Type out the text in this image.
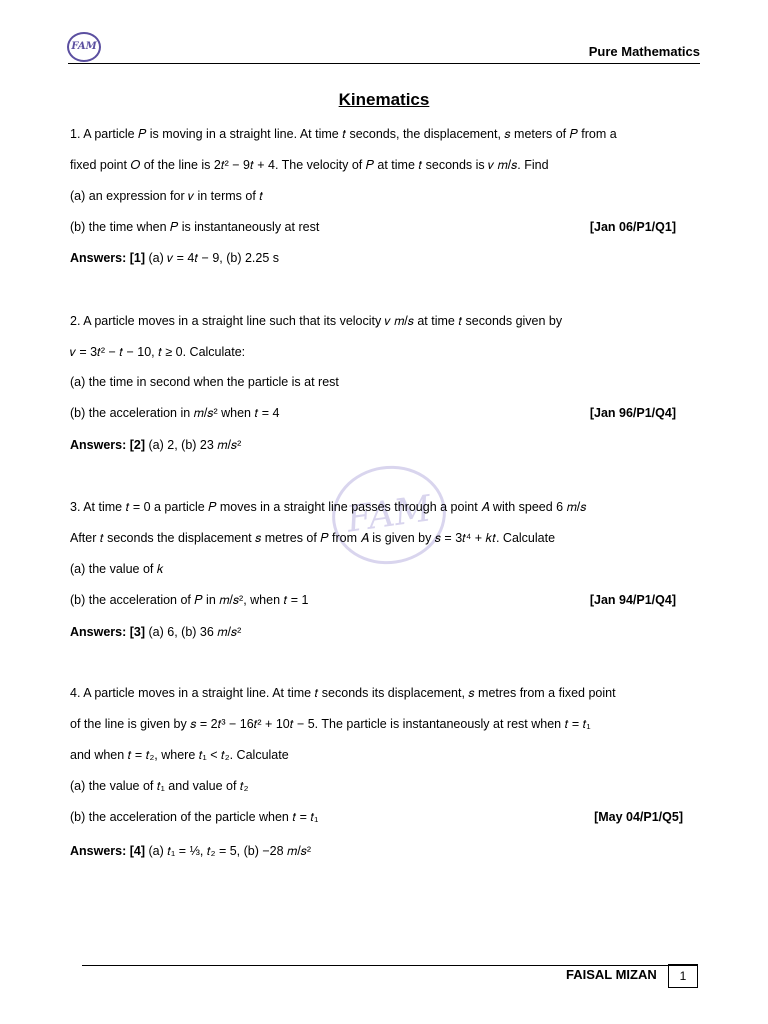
FAM	Pure Mathematics
Kinematics
FAM
1. A particle 𝑃 is moving in a straight line. At time 𝑡 seconds, the displacement, 𝑠 meters of 𝑃 from a
fixed point 𝑂 of the line is 2𝑡² − 9𝑡 + 4. The velocity of 𝑃 at time 𝑡 seconds is 𝑣 𝑚/𝑠. Find
(a) an expression for 𝑣 in terms of 𝑡
(b) the time when 𝑃 is instantaneously at rest	[Jan 06/P1/Q1]
Answers: [1] (a) 𝑣 = 4𝑡 − 9, (b) 2.25 s
2. A particle moves in a straight line such that its velocity 𝑣 𝑚/𝑠 at time 𝑡 seconds given by
𝑣 = 3𝑡² − 𝑡 − 10, 𝑡 ≥ 0. Calculate:
(a) the time in second when the particle is at rest
(b) the acceleration in 𝑚/𝑠² when 𝑡 = 4	[Jan 96/P1/Q4]
Answers: [2] (a) 2, (b) 23 𝑚/𝑠²
3. At time 𝑡 = 0 a particle 𝑃 moves in a straight line passes through a point 𝐴 with speed 6 𝑚/𝑠
After 𝑡 seconds the displacement 𝑠 metres of 𝑃 from 𝐴 is given by 𝑠 = 3𝑡⁴ + 𝑘𝑡. Calculate
(a) the value of 𝑘
(b) the acceleration of 𝑃 in 𝑚/𝑠², when 𝑡 = 1	[Jan 94/P1/Q4]
Answers: [3] (a) 6, (b) 36 𝑚/𝑠²
4. A particle moves in a straight line. At time 𝑡 seconds its displacement, 𝑠 metres from a fixed point
of the line is given by 𝑠 = 2𝑡³ − 16𝑡² + 10𝑡 − 5. The particle is instantaneously at rest when 𝑡 = 𝑡₁
and when 𝑡 = 𝑡₂, where 𝑡₁ < 𝑡₂. Calculate
(a) the value of 𝑡₁ and value of 𝑡₂
(b) the acceleration of the particle when 𝑡 = 𝑡₁	[May 04/P1/Q5]
Answers: [4] (a) 𝑡₁ = ⅓, 𝑡₂ = 5, (b) −28 𝑚/𝑠²
FAISAL MIZAN	1
